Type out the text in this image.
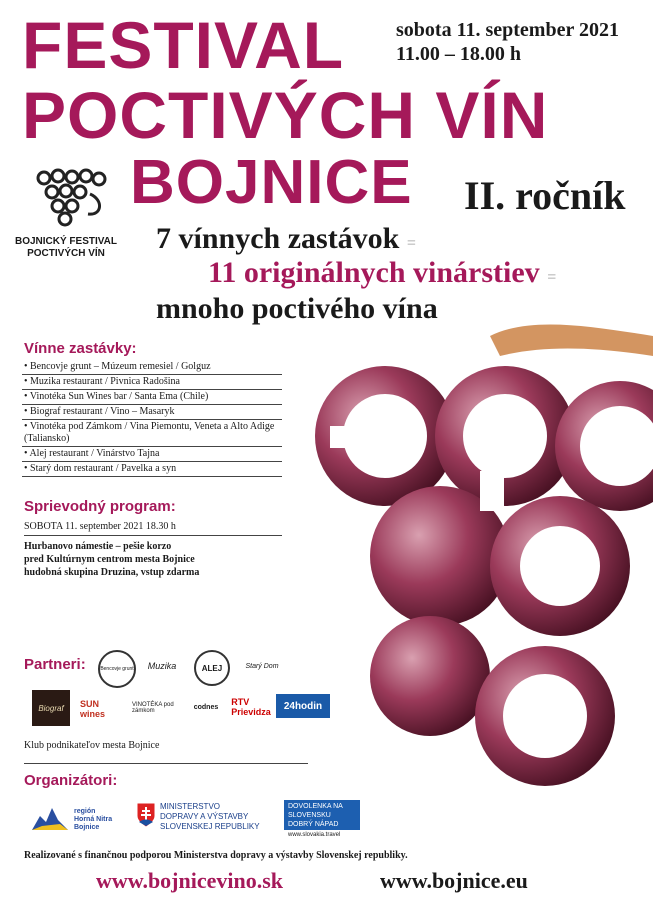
FESTIVAL
POCTIVÝCH VÍN
BOJNICE
sobota 11. september 2021
11.00 – 18.00 h
II. ročník
BOJNICKÝ FESTIVAL POCTIVÝCH VÍN	7 vínnych zastávok =
11 originálnych vinárstiev =
mnoho poctivého vína
Vínne zastávky:
• Bencovje grunt – Múzeum remesiel / Golguz
• Muzika restaurant / Pivnica Radošina
• Vinotéka Sun Wines bar / Santa Ema (Chile)
• Biograf restaurant / Vino – Masaryk
• Vinotéka pod Zámkom / Vina Piemontu, Veneta a Alto Adige (Taliansko)
• Alej restaurant / Vinárstvo Tajna
• Starý dom restaurant / Pavelka a syn
Sprievodný program:
SOBOTA 11. september 2021 18.30 h
Hurbanovo námestie – pešie korzo
pred Kultúrnym centrom mesta Bojnice
hudobná skupina Druzina, vstup zdarma
Partneri:	Bencovje grunt	Muzika	ALEJ	Starý Dom
Biograf	SUN wines
VINOTÉKA pod zámkom
codnes	RTV Prievidza
24hodin
Klub podnikateľov mesta Bojnice
Organizátori:
región
Horná Nitra
Bojnice
MINISTERSTVO
DOPRAVY A VÝSTAVBY
SLOVENSKEJ REPUBLIKY
DOVOLENKA NA
SLOVENSKU
DOBRÝ NÁPAD
www.slovakia.travel
Realizované s finančnou podporou Ministerstva dopravy a výstavby Slovenskej republiky.
www.bojnicevino.sk	www.bojnice.eu
